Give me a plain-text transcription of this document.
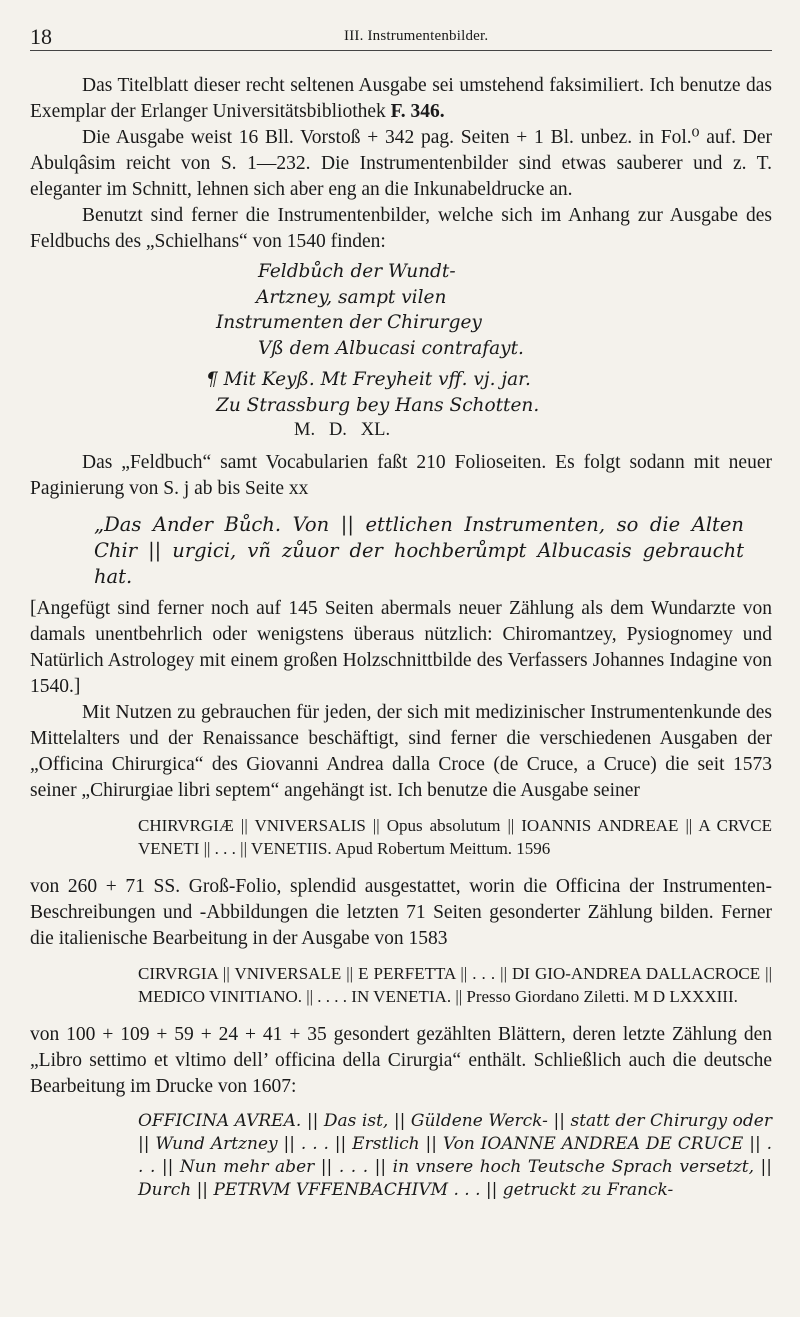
18	III. Instrumentenbilder.

Das Titelblatt dieser recht seltenen Ausgabe sei umstehend faksimiliert. Ich benutze das Exemplar der Erlanger Universitätsbibliothek F. 346.

Die Ausgabe weist 16 Bll. Vorstoß + 342 pag. Seiten + 1 Bl. unbez. in Fol.⁰ auf. Der Abulqâsim reicht von S. 1—232. Die Instrumentenbilder sind etwas sauberer und z. T. eleganter im Schnitt, lehnen sich aber eng an die Inkunabeldrucke an.

Benutzt sind ferner die Instrumentenbilder, welche sich im Anhang zur Ausgabe des Feldbuchs des „Schielhans“ von 1540 finden:

Feldbůch der Wundt-
Artzney, sampt vilen
Instrumenten der Chirurgey
Vß dem Albucasi contrafayt.
¶ Mit Keyß. Mt Freyheit vff. vj. jar.
Zu Strassburg bey Hans Schotten.
M.   D.   XL.

Das „Feldbuch“ samt Vocabularien faßt 210 Folioseiten. Es folgt sodann mit neuer Paginierung von S. j ab bis Seite xx

„Das Ander Bůch. Von || ettlichen Instrumenten, so die Alten Chir || urgici, vñ zůuor der hochberůmpt Albucasis gebraucht hat.

[Angefügt sind ferner noch auf 145 Seiten abermals neuer Zählung als dem Wundarzte von damals unentbehrlich oder wenigstens überaus nützlich: Chiromantzey, Pysiognomey und Natürlich Astrologey mit einem großen Holzschnittbilde des Verfassers Johannes Indagine von 1540.]

Mit Nutzen zu gebrauchen für jeden, der sich mit medizinischer Instrumentenkunde des Mittelalters und der Renaissance beschäftigt, sind ferner die verschiedenen Ausgaben der „Officina Chirurgica“ des Giovanni Andrea dalla Croce (de Cruce, a Cruce) die seit 1573 seiner „Chirurgiae libri septem“ angehängt ist. Ich benutze die Ausgabe seiner

CHIRVRGIÆ || VNIVERSALIS || Opus absolutum || IOANNIS ANDREAE || A CRVCE VENETI || . . . || VENETIIS. Apud Robertum Meittum. 1596

von 260 + 71 SS. Groß-Folio, splendid ausgestattet, worin die Officina der Instrumenten-Beschreibungen und -Abbildungen die letzten 71 Seiten gesonderter Zählung bilden. Ferner die italienische Bearbeitung in der Ausgabe von 1583

CIRVRGIA || VNIVERSALE || E PERFETTA || . . . || DI GIO-ANDREA DALLACROCE || MEDICO VINITIANO. || . . . . IN VENETIA. || Presso Giordano Ziletti. M D LXXXIII.

von 100 + 109 + 59 + 24 + 41 + 35 gesondert gezählten Blättern, deren letzte Zählung den „Libro settimo et vltimo dell’ officina della Cirurgia“ enthält. Schließlich auch die deutsche Bearbeitung im Drucke von 1607:

OFFICINA AVREA. || Das ist, || Güldene Werck- || statt der Chirurgy oder || Wund Artzney || . . . || Erstlich || Von IOANNE ANDREA DE CRUCE || . . . || Nun mehr aber || . . . || in vnsere hoch Teutsche Sprach versetzt, || Durch || PETRVM VFFENBACHIVM . . . || getruckt zu Franck-
